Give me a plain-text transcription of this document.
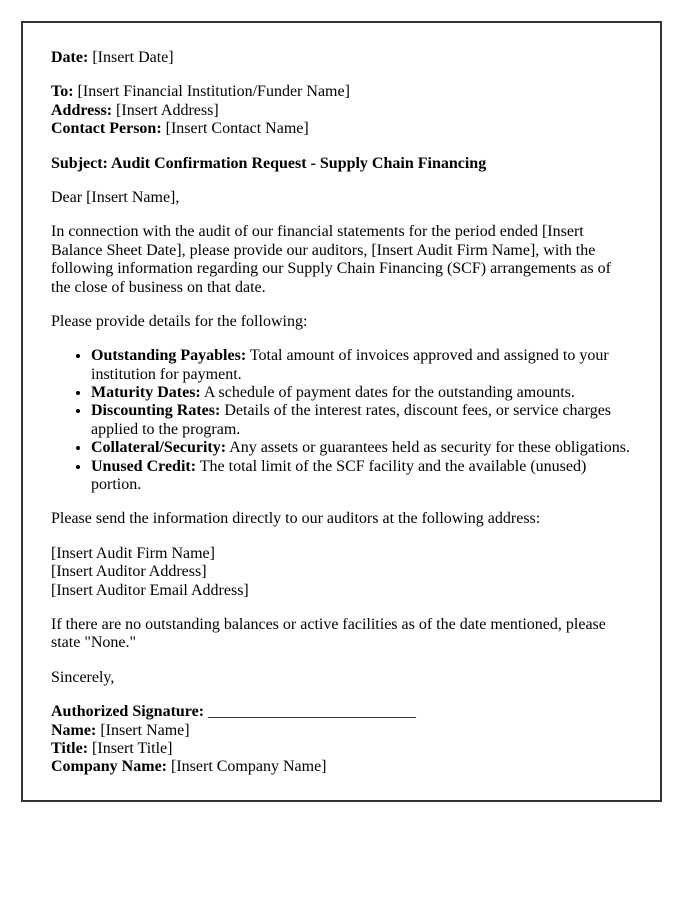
Date: [Insert Date]

To: [Insert Financial Institution/Funder Name]
Address: [Insert Address]
Contact Person: [Insert Contact Name]

Subject: Audit Confirmation Request - Supply Chain Financing

Dear [Insert Name],

In connection with the audit of our financial statements for the period ended [Insert Balance Sheet Date], please provide our auditors, [Insert Audit Firm Name], with the following information regarding our Supply Chain Financing (SCF) arrangements as of the close of business on that date.

Please provide details for the following:

• Outstanding Payables: Total amount of invoices approved and assigned to your institution for payment.
• Maturity Dates: A schedule of payment dates for the outstanding amounts.
• Discounting Rates: Details of the interest rates, discount fees, or service charges applied to the program.
• Collateral/Security: Any assets or guarantees held as security for these obligations.
• Unused Credit: The total limit of the SCF facility and the available (unused) portion.

Please send the information directly to our auditors at the following address:

[Insert Audit Firm Name]
[Insert Auditor Address]
[Insert Auditor Email Address]

If there are no outstanding balances or active facilities as of the date mentioned, please state "None."

Sincerely,

Authorized Signature: __________________________
Name: [Insert Name]
Title: [Insert Title]
Company Name: [Insert Company Name]
